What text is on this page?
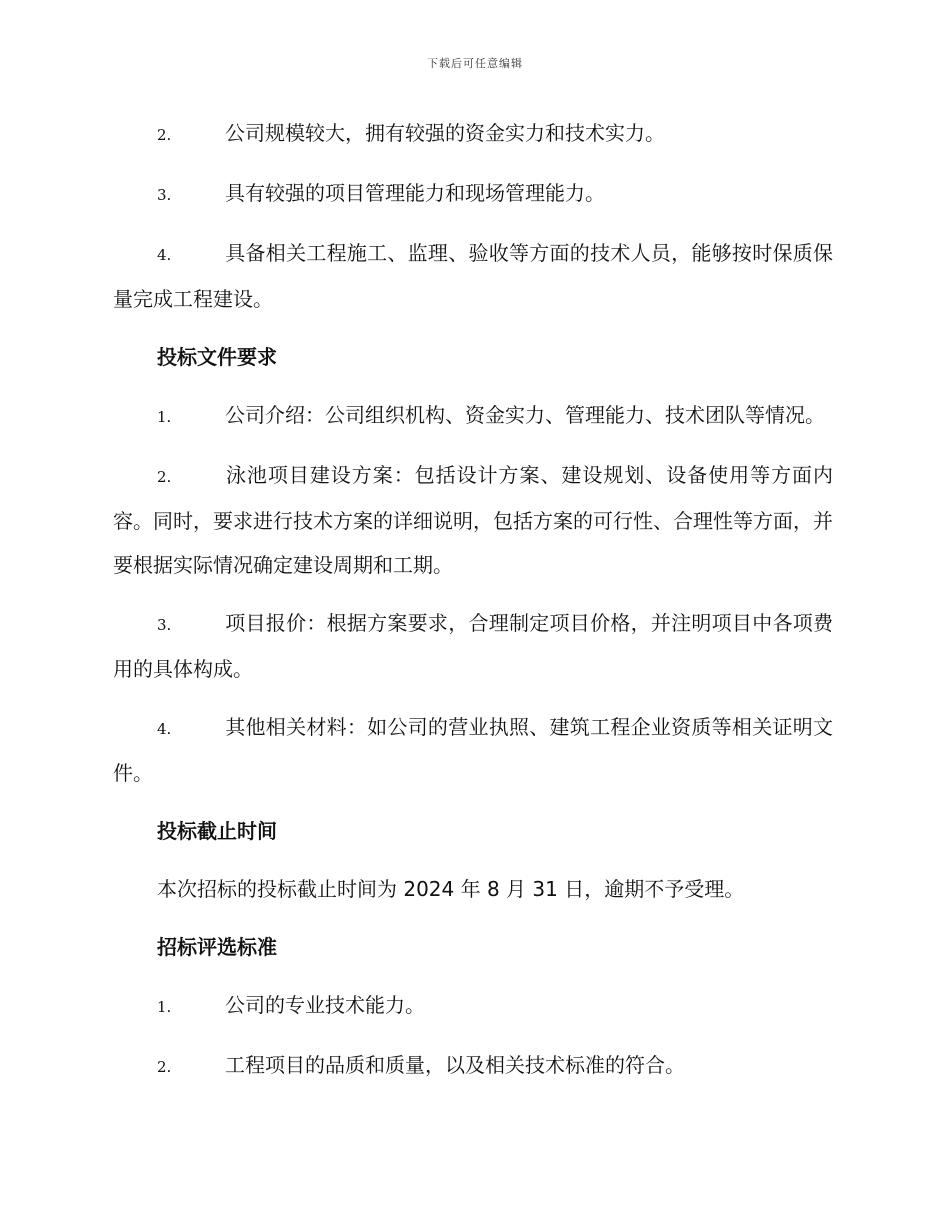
下载后可任意编辑

2.	公司规模较大，拥有较强的资金实力和技术实力。

3.	具有较强的项目管理能力和现场管理能力。

4.	具备相关工程施工、监理、验收等方面的技术人员，能够按时保质保量完成工程建设。

投标文件要求

1.	公司介绍：公司组织机构、资金实力、管理能力、技术团队等情况。

2.	泳池项目建设方案：包括设计方案、建设规划、设备使用等方面内容。同时，要求进行技术方案的详细说明，包括方案的可行性、合理性等方面，并要根据实际情况确定建设周期和工期。

3.	项目报价：根据方案要求，合理制定项目价格，并注明项目中各项费用的具体构成。

4.	其他相关材料：如公司的营业执照、建筑工程企业资质等相关证明文件。

投标截止时间

本次招标的投标截止时间为 2024 年 8 月 31 日，逾期不予受理。

招标评选标准

1.	公司的专业技术能力。

2.	工程项目的品质和质量，以及相关技术标准的符合。
